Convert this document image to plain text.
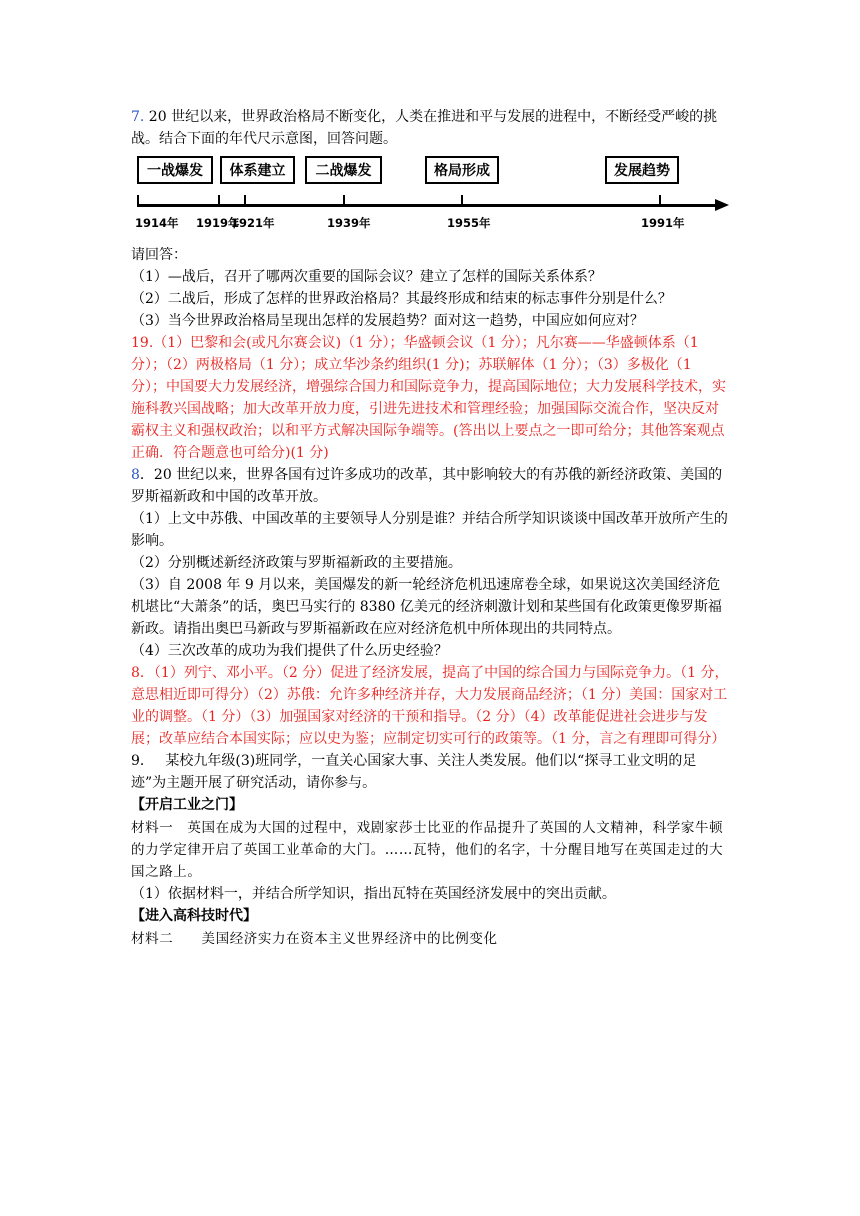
7. 20 世纪以来，世界政治格局不断变化，人类在推进和平与发展的进程中，不断经受严峻的挑战。结合下面的年代尺示意图，回答问题。

一战爆发	体系建立	二战爆发	格局形成	发展趋势
1914年 1919年
1921年	1939年	1955年	1991年

请回答：

（1）—战后，召开了哪两次重要的国际会议？建立了怎样的国际关系体系？

（2）二战后，形成了怎样的世界政治格局？其最终形成和结束的标志事件分别是什么？

（3）当今世界政治格局呈现出怎样的发展趋势？面对这一趋势，中国应如何应对？

19.（1）巴黎和会(或凡尔赛会议)（1 分）；华盛顿会议（1 分）；凡尔赛——华盛顿体系（1 分）；（2）两极格局（1 分）；成立华沙条约组织(1 分)；苏联解体（1 分）；（3）多极化（1 分）；中国要大力发展经济，增强综合国力和国际竞争力，提高国际地位；大力发展科学技术，实施科教兴国战略；加大改革开放力度，引进先进技术和管理经验；加强国际交流合作，坚决反对霸权主义和强权政治；以和平方式解决国际争端等。(答出以上要点之一即可给分；其他答案观点正确．符合题意也可给分)(1 分)

8．20 世纪以来，世界各国有过许多成功的改革，其中影响较大的有苏俄的新经济政策、美国的罗斯福新政和中国的改革开放。

（1）上文中苏俄、中国改革的主要领导人分别是谁？并结合所学知识谈谈中国改革开放所产生的影响。

（2）分别概述新经济政策与罗斯福新政的主要措施。

（3）自 2008 年 9 月以来，美国爆发的新一轮经济危机迅速席卷全球，如果说这次美国经济危机堪比“大萧条”的话，奥巴马实行的 8380 亿美元的经济刺激计划和某些国有化政策更像罗斯福新政。请指出奥巴马新政与罗斯福新政在应对经济危机中所体现出的共同特点。

（4）三次改革的成功为我们提供了什么历史经验？

8．（1）列宁、邓小平。（2 分）促进了经济发展，提高了中国的综合国力与国际竞争力。（1 分，意思相近即可得分）（2）苏俄：允许多种经济并存，大力发展商品经济；（1 分）美国：国家对工业的调整。（1 分）（3）加强国家对经济的干预和指导。（2 分）（4）改革能促进社会进步与发展；改革应结合本国实际；应以史为鉴；应制定切实可行的政策等。（1 分，言之有理即可得分）

9．　 某校九年级(3)班同学，一直关心国家大事、关注人类发展。他们以“探寻工业文明的足迹”为主题开展了研究活动，请你参与。

【开启工业之门】

材料一　英国在成为大国的过程中，戏剧家莎士比亚的作品提升了英国的人文精神，科学家牛顿的力学定律开启了英国工业革命的大门。……瓦特，他们的名字，十分醒目地写在英国走过的大国之路上。

（1）依据材料一，并结合所学知识，指出瓦特在英国经济发展中的突出贡献。

【进入高科技时代】

材料二　　美国经济实力在资本主义世界经济中的比例变化
